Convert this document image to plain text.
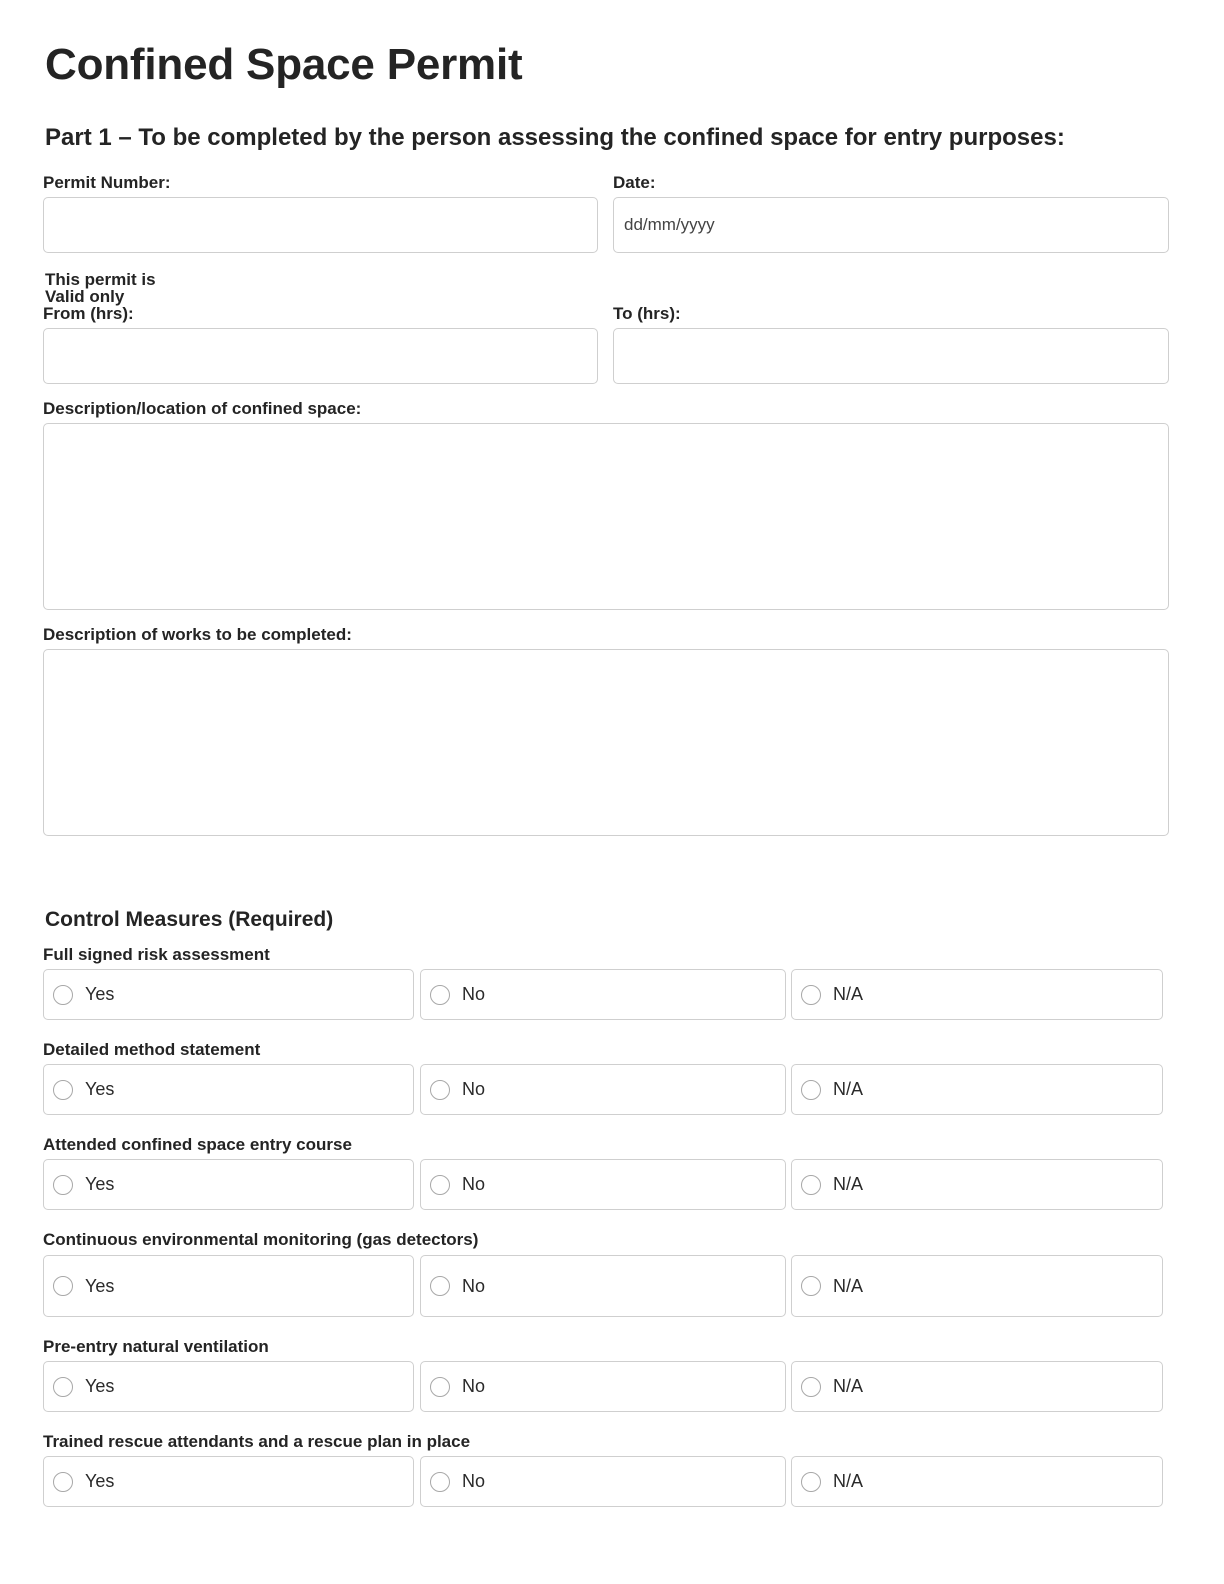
Confined Space Permit
Part 1 – To be completed by the person assessing the confined space for entry purposes:
Permit Number:	Date:
dd/mm/yyyy
This permit is
Valid only
From (hrs):	To (hrs):
Description/location of confined space:
Description of works to be completed:
Control Measures (Required)
Full signed risk assessment
Yes	No	N/A
Detailed method statement
Yes	No	N/A
Attended confined space entry course
Yes	No	N/A
Continuous environmental monitoring (gas detectors)
Yes	No	N/A
Pre-entry natural ventilation
Yes	No	N/A
Trained rescue attendants and a rescue plan in place
Yes	No	N/A
